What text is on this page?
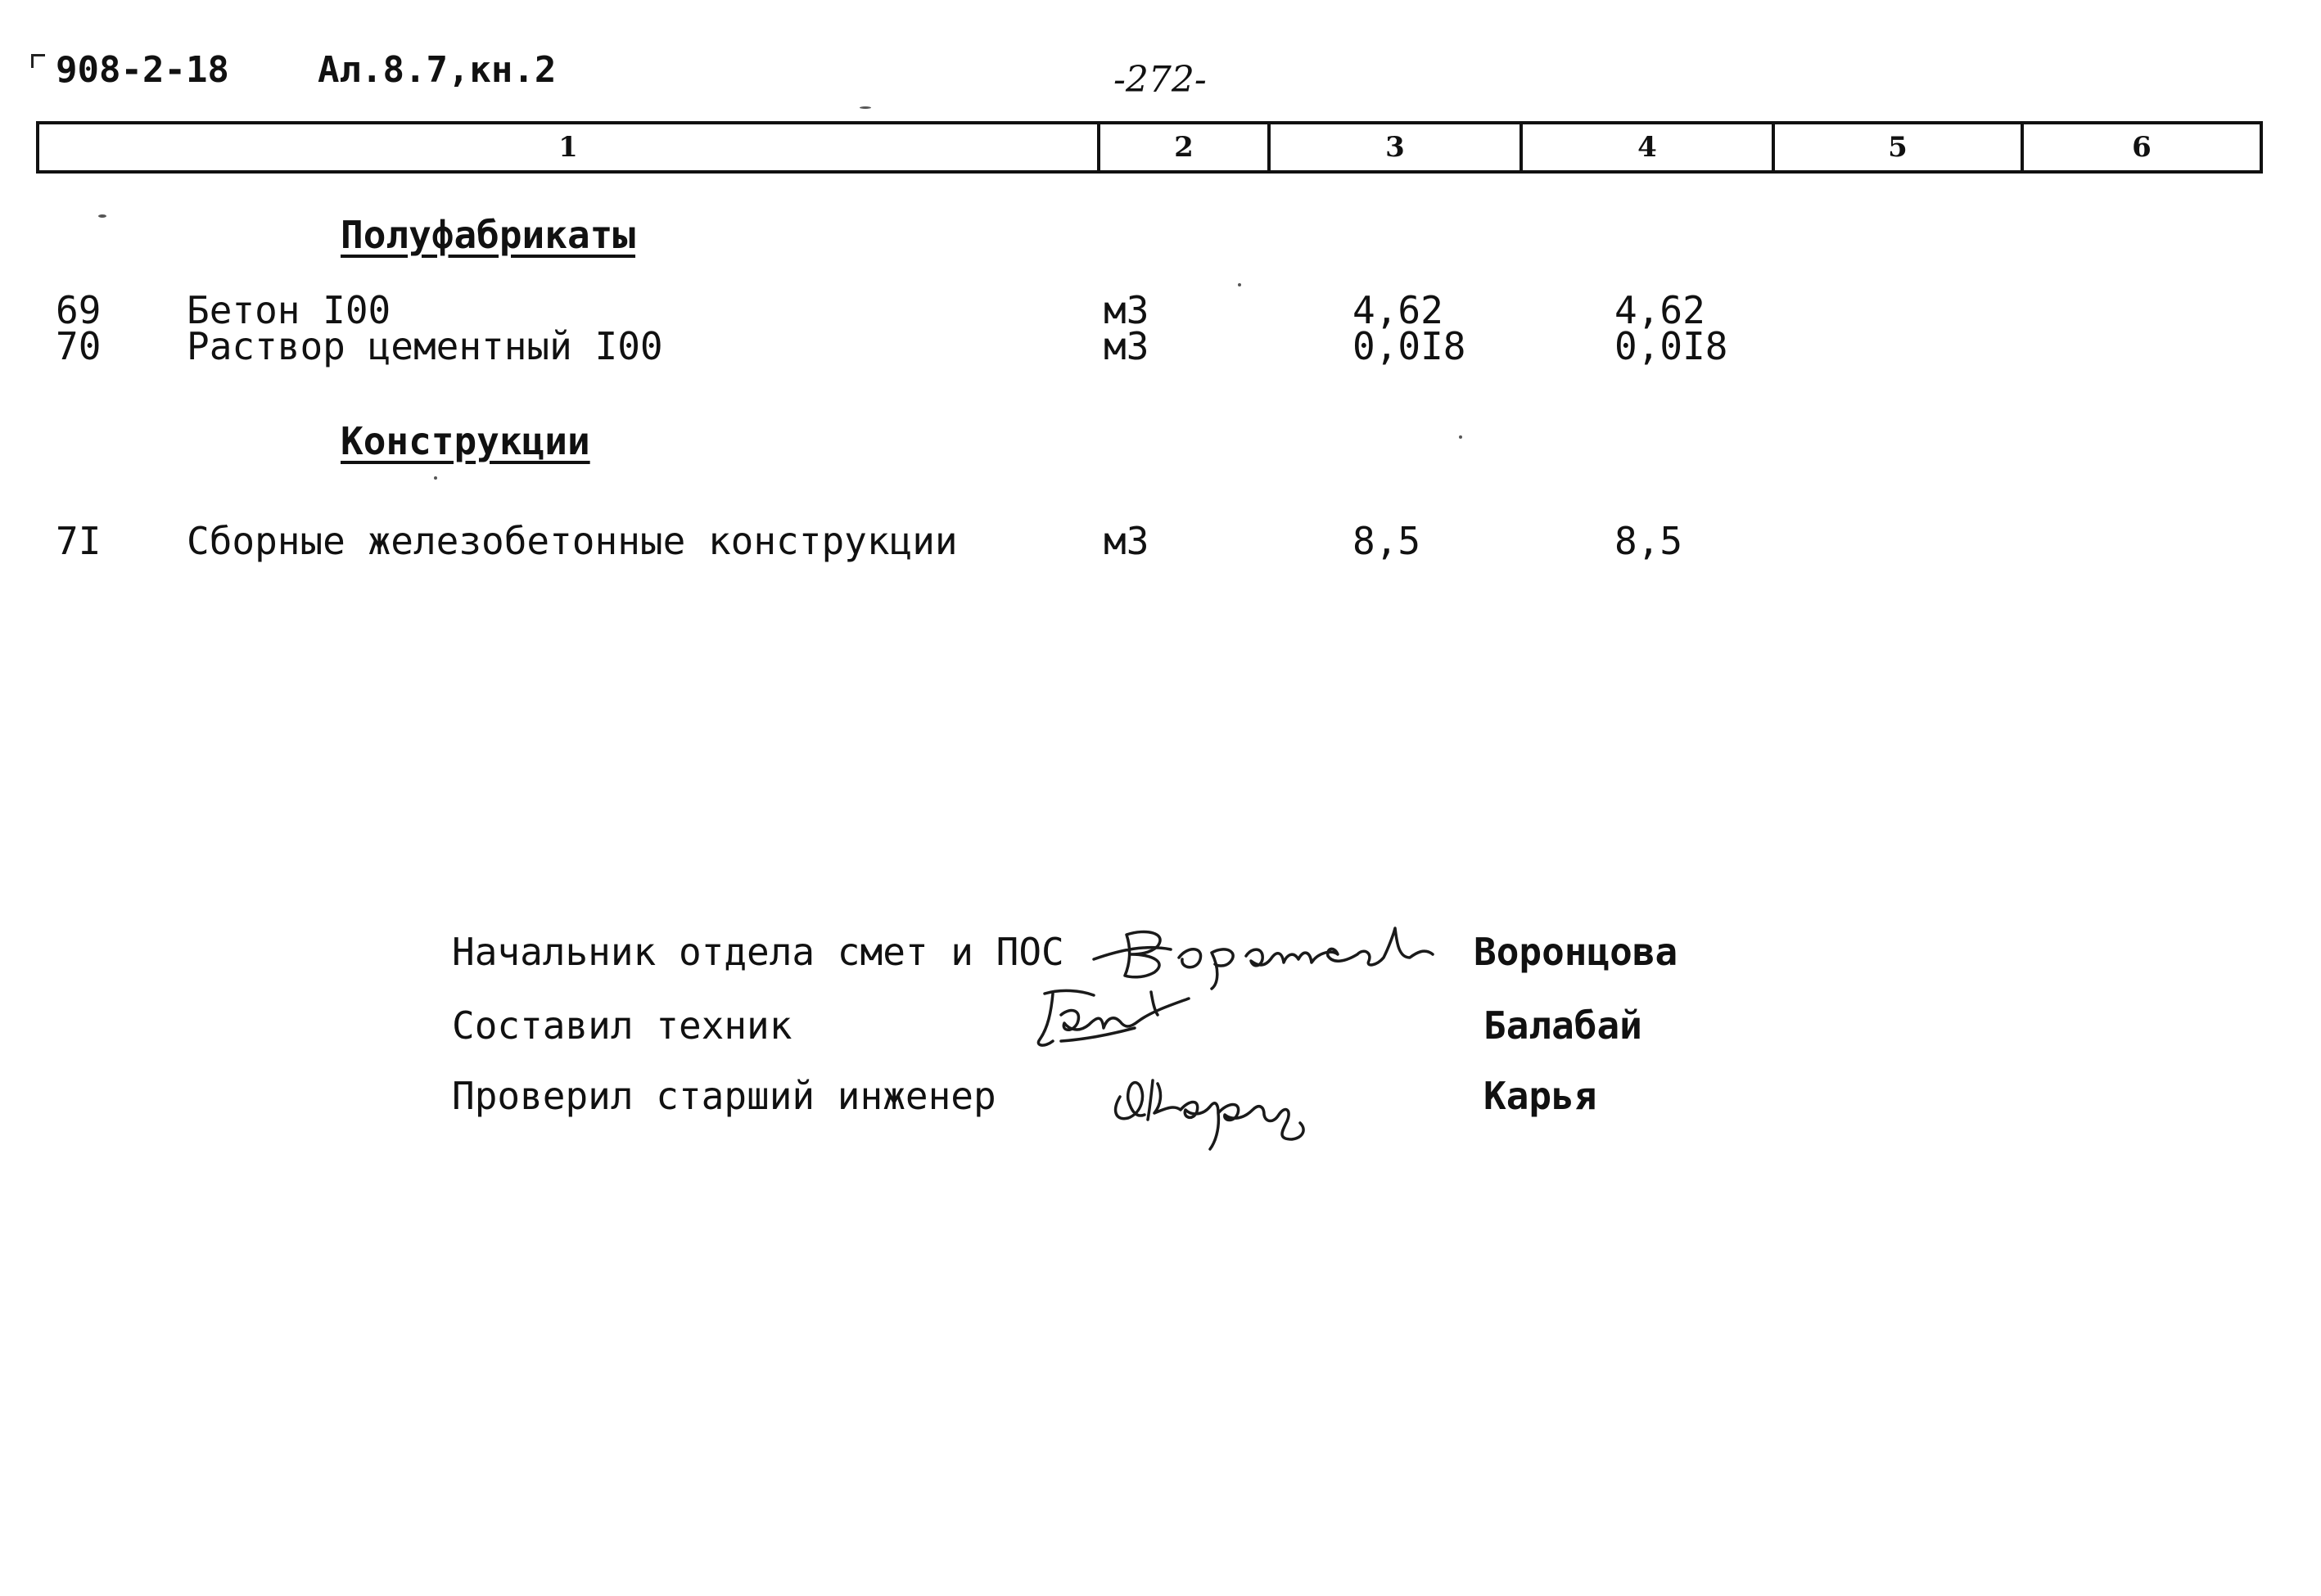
908-2-18 Ал.8.7,кн.2	-272-
1	2	3	4	5	6
Полуфабрикаты
69 Бетон I00	м3	4,62	4,62
70 Раствор цементный I00	м3	0,0I8	0,0I8
Конструкции
7I Сборные железобетонные конструкции	м3	8,5	8,5
Начальник отдела смет и ПОС	Воронцова
Составил техник	Балабай
Проверил старший инженер	Карья
